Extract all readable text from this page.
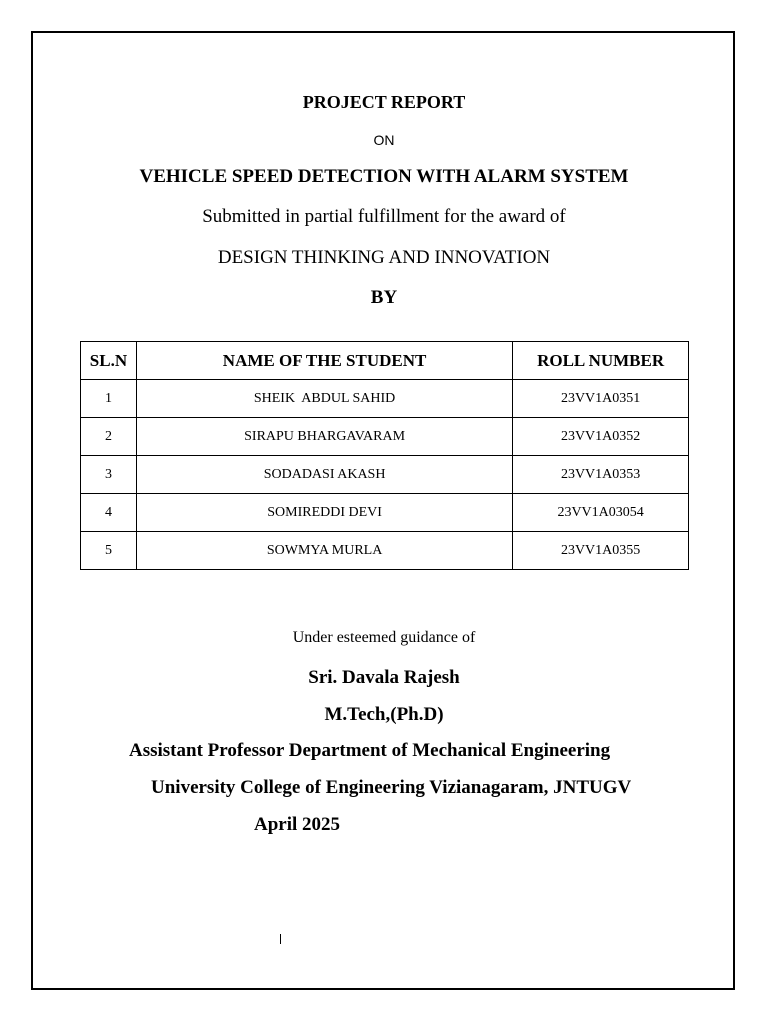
PROJECT REPORT
ON
VEHICLE SPEED DETECTION WITH ALARM SYSTEM
Submitted in partial fulfillment for the award of
DESIGN THINKING AND INNOVATION
BY
SL.N	NAME OF THE STUDENT	ROLL NUMBER
1	SHEIK  ABDUL SAHID	23VV1A0351
2	SIRAPU BHARGAVARAM	23VV1A0352
3	SODADASI AKASH	23VV1A0353
4	SOMIREDDI DEVI	23VV1A03054
5	SOWMYA MURLA	23VV1A0355
Under esteemed guidance of
Sri. Davala Rajesh
M.Tech,(Ph.D)
Assistant Professor Department of Mechanical Engineering
University College of Engineering Vizianagaram, JNTUGV
April 2025
